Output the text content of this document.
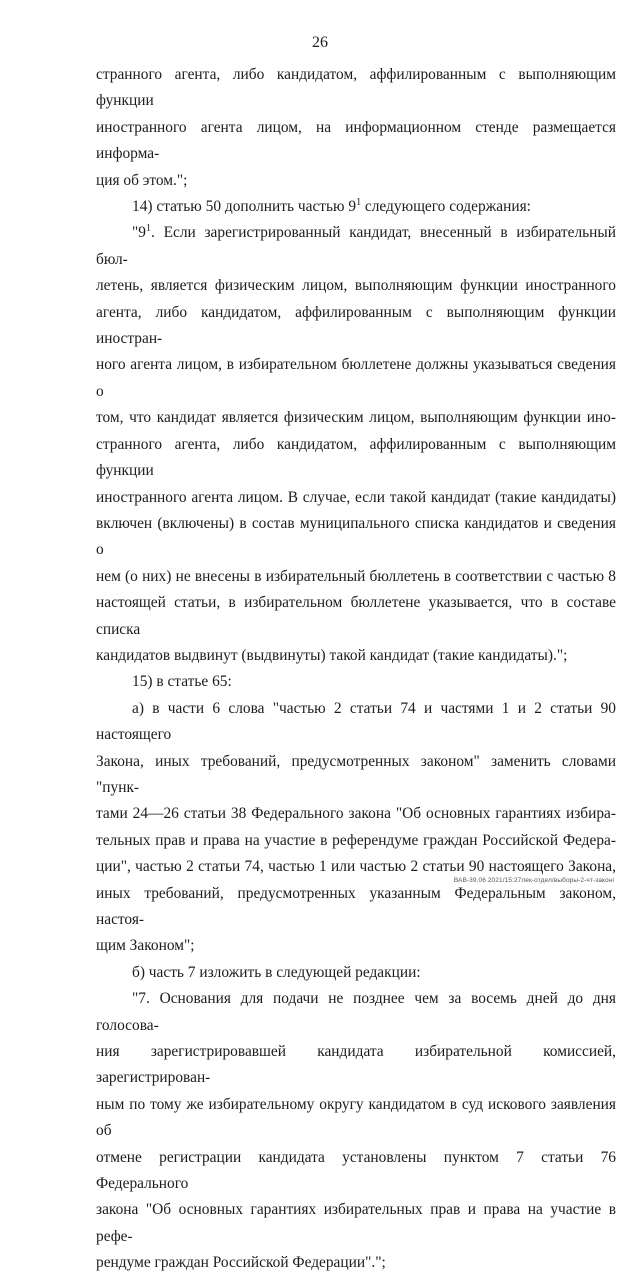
26

странного агента, либо кандидатом, аффилированным с выполняющим функции

иностранного агента лицом, на информационном стенде размещается информа-

ция об этом.";

14) статью 50 дополнить частью $9^1$ следующего содержания:

"$9^1$. Если зарегистрированный кандидат, внесенный в избирательный бюл-

летень, является физическим лицом, выполняющим функции иностранного

агента, либо кандидатом, аффилированным с выполняющим функции иностран-

ного агента лицом, в избирательном бюллетене должны указываться сведения о

том, что кандидат является физическим лицом, выполняющим функции ино-

странного агента, либо кандидатом, аффилированным с выполняющим функции

иностранного агента лицом. В случае, если такой кандидат (такие кандидаты)

включен (включены) в состав муниципального списка кандидатов и сведения о

нем (о них) не внесены в избирательный бюллетень в соответствии с частью 8

настоящей статьи, в избирательном бюллетене указывается, что в составе списка

кандидатов выдвинут (выдвинуты) такой кандидат (такие кандидаты).";

15) в статье 65:

а) в части 6 слова "частью 2 статьи 74 и частями 1 и 2 статьи 90 настоящего

Закона, иных требований, предусмотренных законом" заменить словами "пунк-

тами 24—26 статьи 38 Федерального закона "Об основных гарантиях избира-

тельных прав и права на участие в референдуме граждан Российской Федера-

ции", частью 2 статьи 74, частью 1 или частью 2 статьи 90 настоящего Закона,

иных требований, предусмотренных указанным Федеральным законом, настоя-

щим Законом";

б) часть 7 изложить в следующей редакции:

"7. Основания для подачи не позднее чем за восемь дней до дня голосова-

ния зарегистрировавшей кандидата избирательной комиссией, зарегистрирован-

ным по тому же избирательному округу кандидатом в суд искового заявления об

отмене регистрации кандидата установлены пунктом 7 статьи 76 Федерального

закона "Об основных гарантиях избирательных прав и права на участие в рефе-

рендуме граждан Российской Федерации".";

ВАВ-39.06 2021/15:27лек-отдел/выборы-2-чт-законі
